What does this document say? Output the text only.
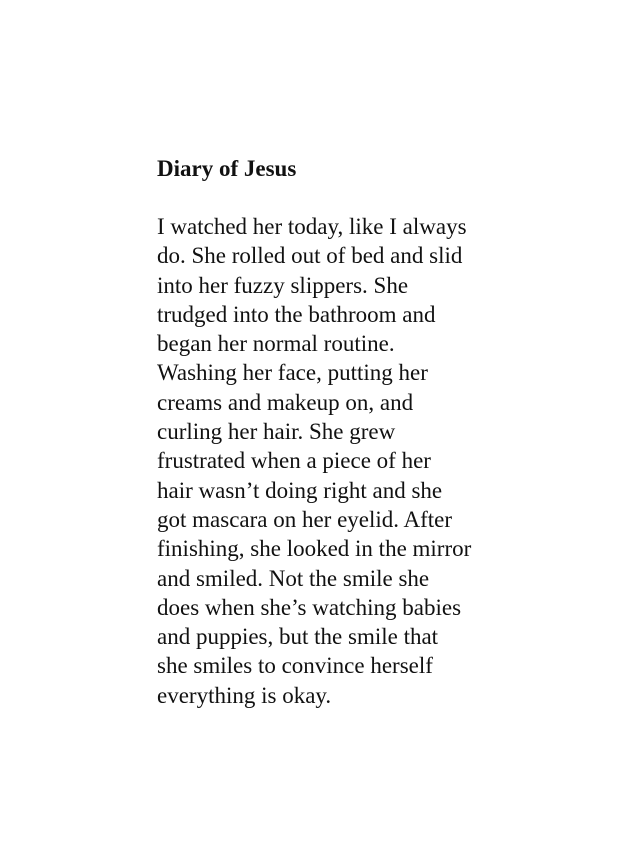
Diary of Jesus

I watched her today, like I always
do. She rolled out of bed and slid
into her fuzzy slippers. She
trudged into the bathroom and
began her normal routine.
Washing her face, putting her
creams and makeup on, and
curling her hair. She grew
frustrated when a piece of her
hair wasn’t doing right and she
got mascara on her eyelid. After
finishing, she looked in the mirror
and smiled. Not the smile she
does when she’s watching babies
and puppies, but the smile that
she smiles to convince herself
everything is okay.
